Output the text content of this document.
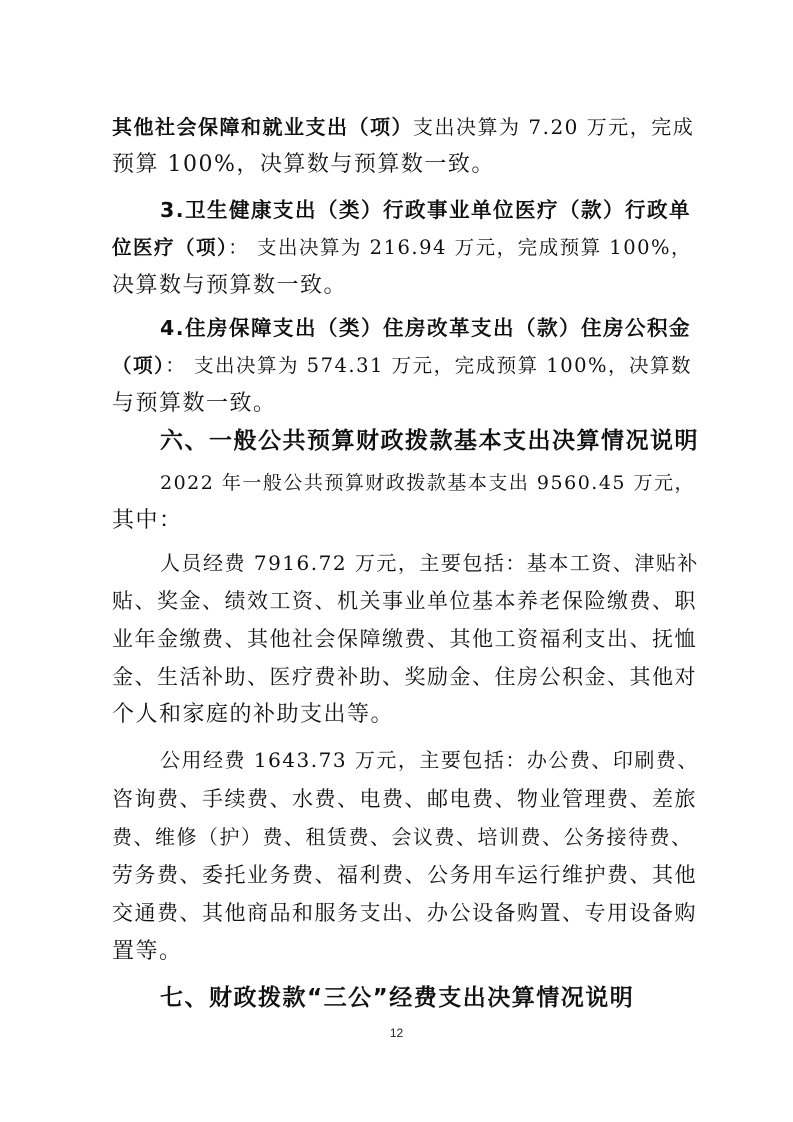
其他社会保障和就业支出（项）支出决算为 7.20 万元，完成
预算 100%，决算数与预算数一致。
3.卫生健康支出（类）行政事业单位医疗（款）行政单
位医疗（项）： 支出决算为 216.94 万元，完成预算 100%，
决算数与预算数一致。
4.住房保障支出（类）住房改革支出（款）住房公积金
（项）： 支出决算为 574.31 万元，完成预算 100%，决算数
与预算数一致。
六、一般公共预算财政拨款基本支出决算情况说明
2022 年一般公共预算财政拨款基本支出 9560.45 万元，
其中：
人员经费 7916.72 万元，主要包括：基本工资、津贴补
贴、奖金、绩效工资、机关事业单位基本养老保险缴费、职
业年金缴费、其他社会保障缴费、其他工资福利支出、抚恤
金、生活补助、医疗费补助、奖励金、住房公积金、其他对
个人和家庭的补助支出等。
公用经费 1643.73 万元，主要包括：办公费、印刷费、
咨询费、手续费、水费、电费、邮电费、物业管理费、差旅
费、维修（护）费、租赁费、会议费、培训费、公务接待费、
劳务费、委托业务费、福利费、公务用车运行维护费、其他
交通费、其他商品和服务支出、办公设备购置、专用设备购
置等。
七、财政拨款“三公”经费支出决算情况说明
12
